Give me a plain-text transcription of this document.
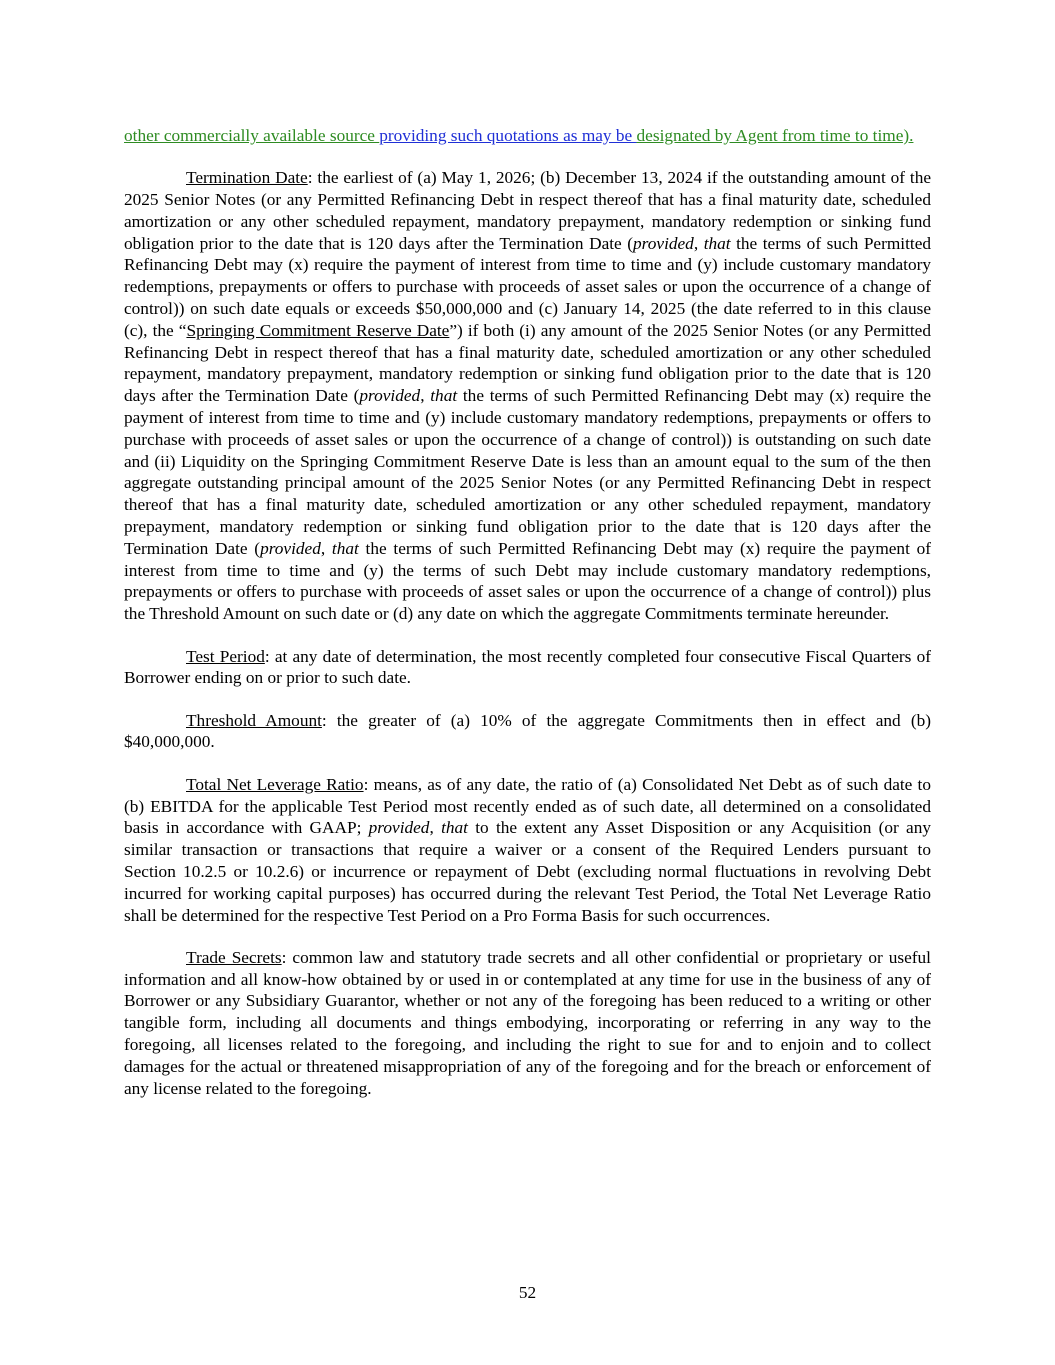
other commercially available source providing such quotations as may be designated by Agent from time to time).

Termination Date: the earliest of (a) May 1, 2026; (b) December 13, 2024 if the outstanding amount of the 2025 Senior Notes (or any Permitted Refinancing Debt in respect thereof that has a final maturity date, scheduled amortization or any other scheduled repayment, mandatory prepayment, mandatory redemption or sinking fund obligation prior to the date that is 120 days after the Termination Date (provided, that the terms of such Permitted Refinancing Debt may (x) require the payment of interest from time to time and (y) include customary mandatory redemptions, prepayments or offers to purchase with proceeds of asset sales or upon the occurrence of a change of control)) on such date equals or exceeds $50,000,000 and (c) January 14, 2025 (the date referred to in this clause (c), the “Springing Commitment Reserve Date”) if both (i) any amount of the 2025 Senior Notes (or any Permitted Refinancing Debt in respect thereof that has a final maturity date, scheduled amortization or any other scheduled repayment, mandatory prepayment, mandatory redemption or sinking fund obligation prior to the date that is 120 days after the Termination Date (provided, that the terms of such Permitted Refinancing Debt may (x) require the payment of interest from time to time and (y) include customary mandatory redemptions, prepayments or offers to purchase with proceeds of asset sales or upon the occurrence of a change of control)) is outstanding on such date and (ii) Liquidity on the Springing Commitment Reserve Date is less than an amount equal to the sum of the then aggregate outstanding principal amount of the 2025 Senior Notes (or any Permitted Refinancing Debt in respect thereof that has a final maturity date, scheduled amortization or any other scheduled repayment, mandatory prepayment, mandatory redemption or sinking fund obligation prior to the date that is 120 days after the Termination Date (provided, that the terms of such Permitted Refinancing Debt may (x) require the payment of interest from time to time and (y) the terms of such Debt may include customary mandatory redemptions, prepayments or offers to purchase with proceeds of asset sales or upon the occurrence of a change of control)) plus the Threshold Amount on such date or (d) any date on which the aggregate Commitments terminate hereunder.

Test Period: at any date of determination, the most recently completed four consecutive Fiscal Quarters of Borrower ending on or prior to such date.

Threshold Amount: the greater of (a) 10% of the aggregate Commitments then in effect and (b) $40,000,000.

Total Net Leverage Ratio: means, as of any date, the ratio of (a) Consolidated Net Debt as of such date to (b) EBITDA for the applicable Test Period most recently ended as of such date, all determined on a consolidated basis in accordance with GAAP; provided, that to the extent any Asset Disposition or any Acquisition (or any similar transaction or transactions that require a waiver or a consent of the Required Lenders pursuant to Section 10.2.5 or 10.2.6) or incurrence or repayment of Debt (excluding normal fluctuations in revolving Debt incurred for working capital purposes) has occurred during the relevant Test Period, the Total Net Leverage Ratio shall be determined for the respective Test Period on a Pro Forma Basis for such occurrences.

Trade Secrets: common law and statutory trade secrets and all other confidential or proprietary or useful information and all know-how obtained by or used in or contemplated at any time for use in the business of any of Borrower or any Subsidiary Guarantor, whether or not any of the foregoing has been reduced to a writing or other tangible form, including all documents and things embodying, incorporating or referring in any way to the foregoing, all licenses related to the foregoing, and including the right to sue for and to enjoin and to collect damages for the actual or threatened misappropriation of any of the foregoing and for the breach or enforcement of any license related to the foregoing.

52
